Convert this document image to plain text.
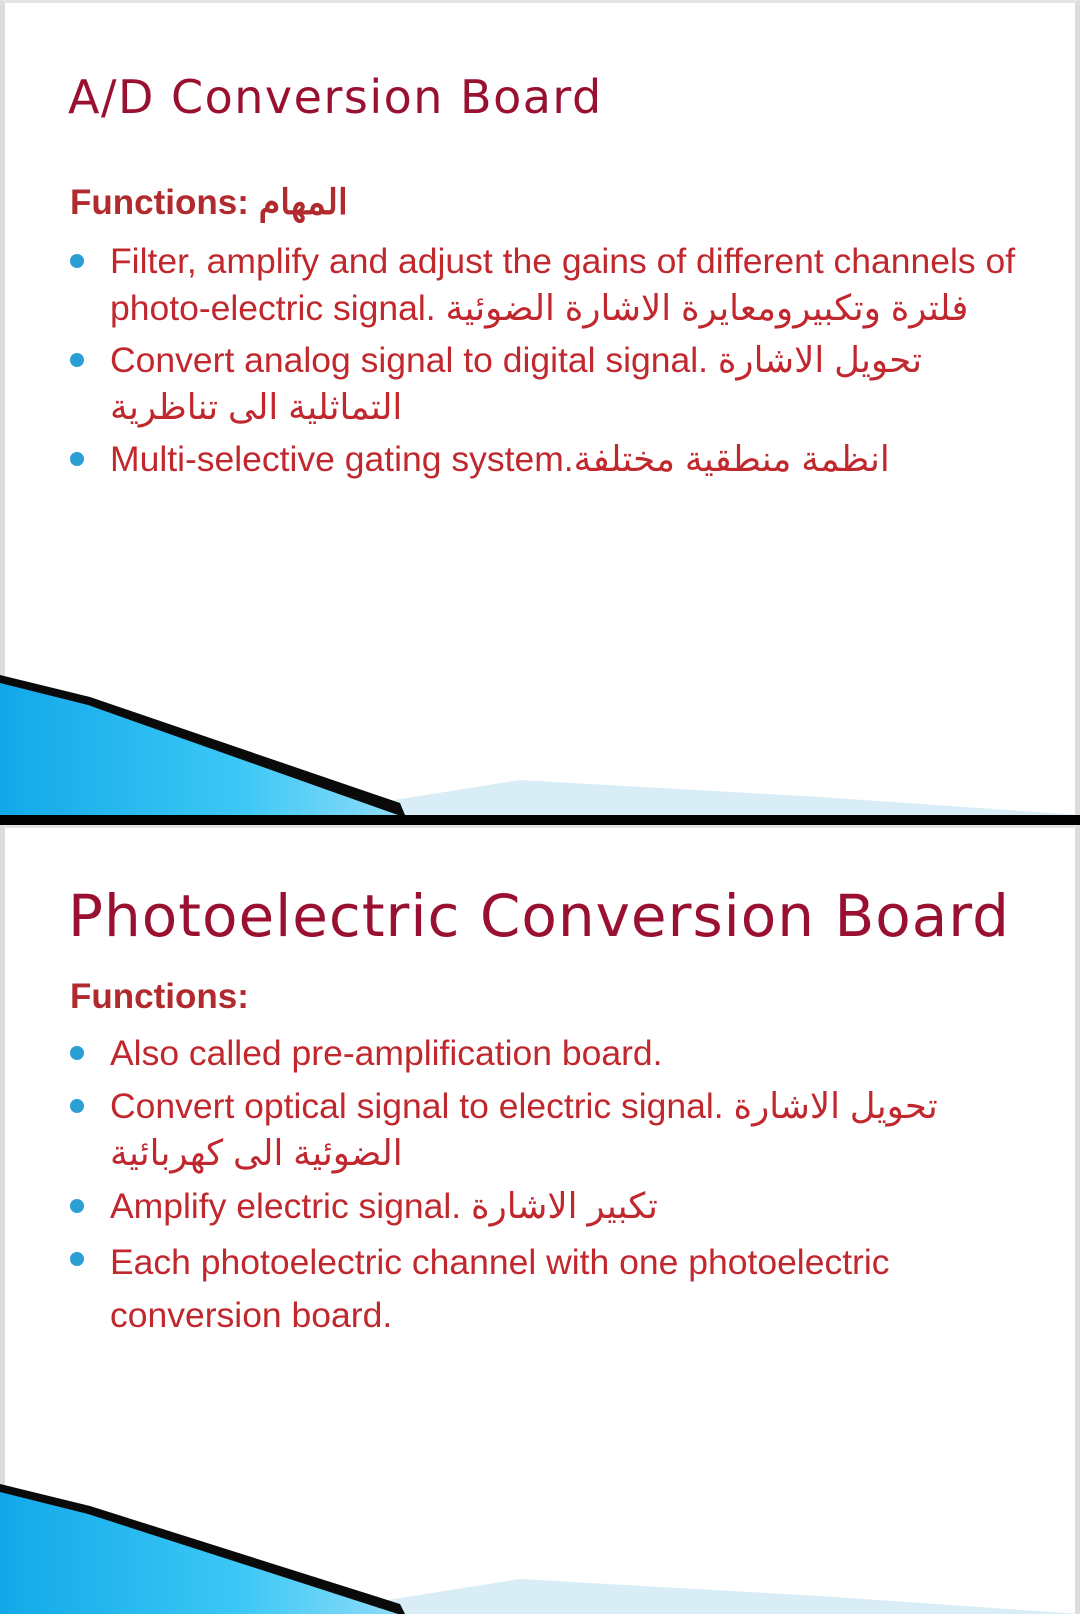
A/D Conversion Board
Functions: المهام
Filter, amplify and adjust the gains of different channels of photo-electric signal. فلترة وتكبيرومعايرة الاشارة الضوئية
Convert analog signal to digital signal. تحويل الاشارة التماثلية الى تناظرية
Multi-selective gating system.انظمة منطقية مختلفة
Photoelectric Conversion Board
Functions:
Also called pre-amplification board.
Convert optical signal to electric signal. تحويل الاشارة الضوئية الى كهربائية
Amplify electric signal. تكبير الاشارة
Each photoelectric channel with one photoelectric conversion board.
